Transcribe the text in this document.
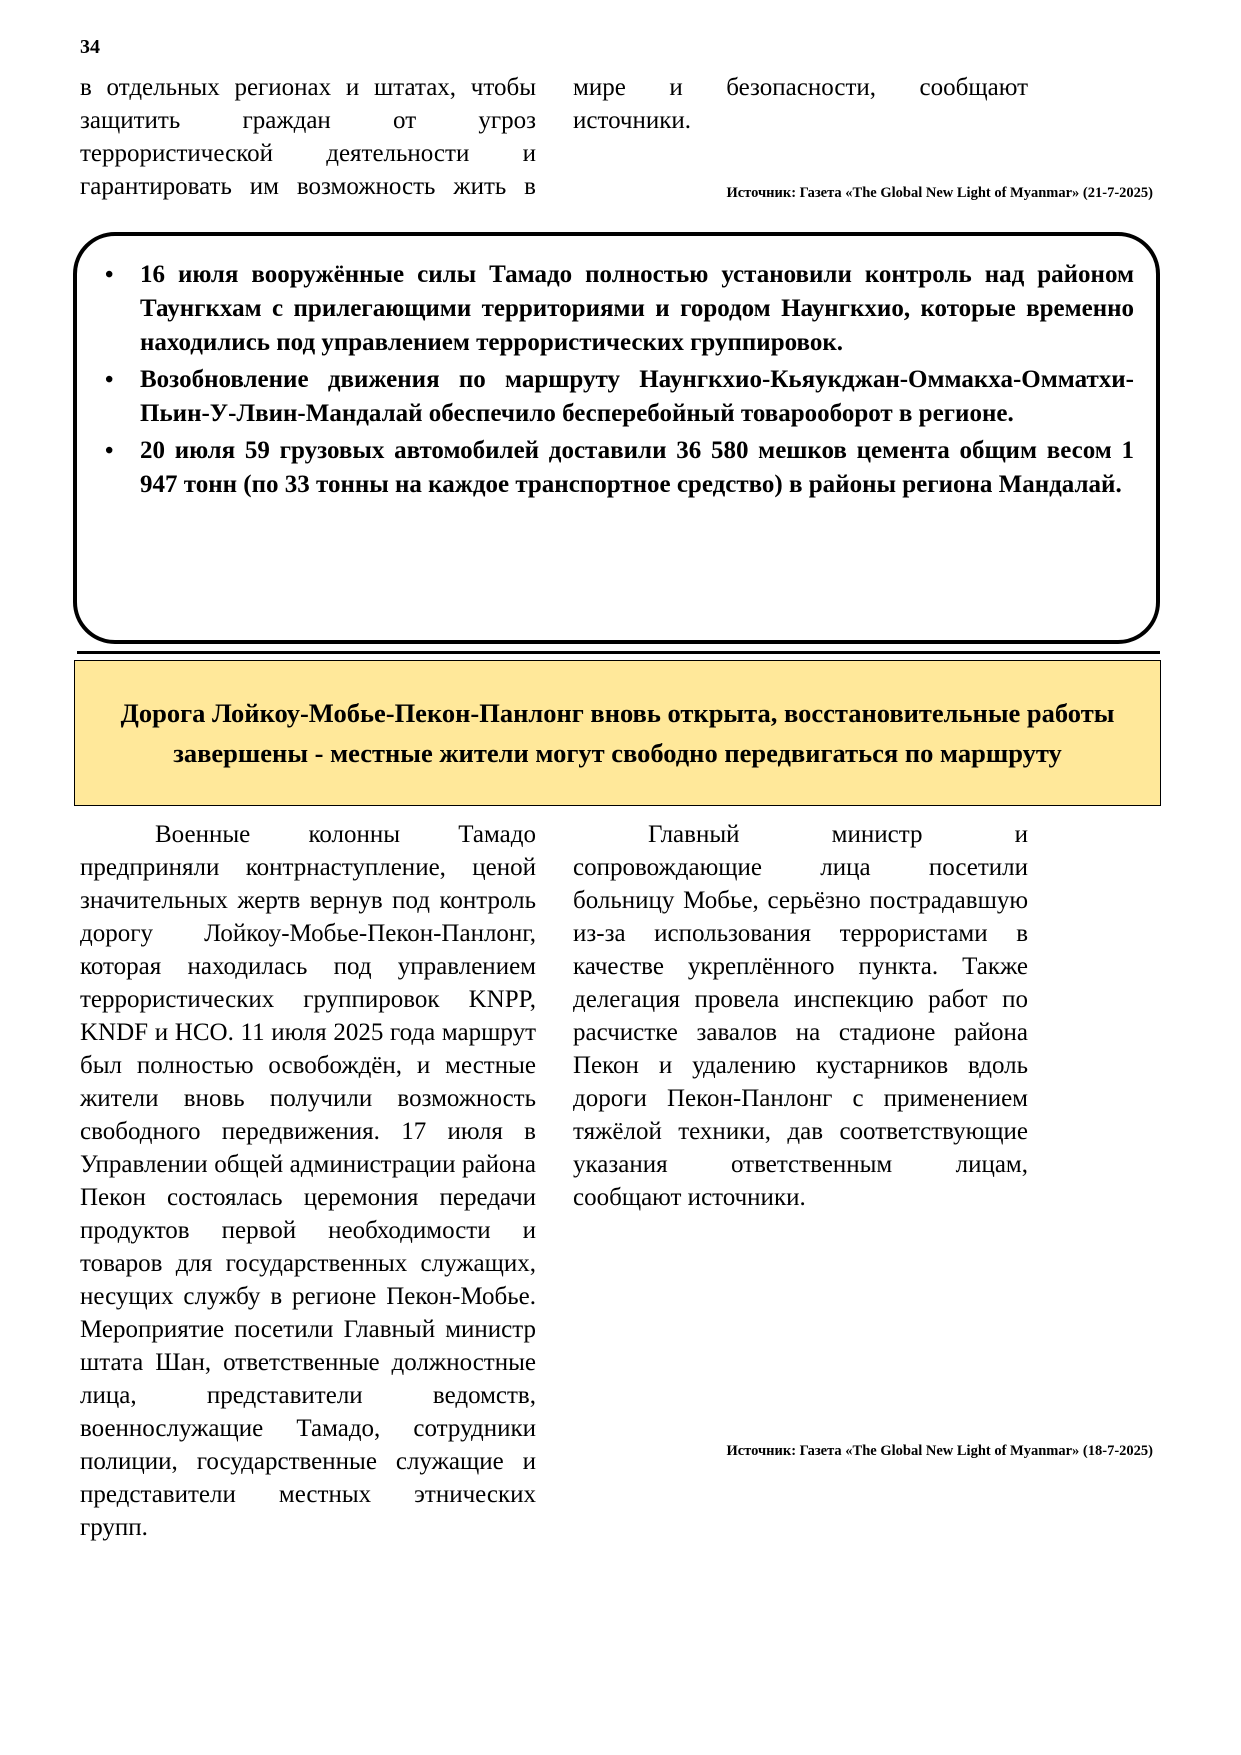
34

в отдельных регионах и штатах, чтобы защитить граждан от угроз террористической деятельности и гарантировать им возможность жить в

мире и безопасности, сообщают источники.

Источник: Газета «The Global New Light of Myanmar» (21-7-2025)
• 16 июля вооружённые силы Тамадо полностью установили контроль над районом Таунгкхам с прилегающими территориями и городом Наунгкхио, которые временно находились под управлением террористических группировок.
• Возобновление движения по маршруту Наунгкхио-Кьяукджан-Оммакха-Омматхи-Пьин-У-Лвин-Мандалай обеспечило бесперебойный товарооборот в регионе.
• 20 июля 59 грузовых автомобилей доставили 36 580 мешков цемента общим весом 1 947 тонн (по 33 тонны на каждое транспортное средство) в районы региона Мандалай.
Дорога Лойкоу-Мобье-Пекон-Панлонг вновь открыта, восстановительные работы завершены - местные жители могут свободно передвигаться по маршруту

Военные колонны Тамадо предприняли контрнаступление, ценой значительных жертв вернув под контроль дорогу Лойкоу-Мобье-Пекон-Панлонг, которая находилась под управлением террористических группировок KNPP, KNDF и НСО. 11 июля 2025 года маршрут был полностью освобождён, и местные жители вновь получили возможность свободного передвижения. 17 июля в Управлении общей администрации района Пекон состоялась церемония передачи продуктов первой необходимости и товаров для государственных служащих, несущих службу в регионе Пекон-Мобье. Мероприятие посетили Главный министр штата Шан, ответственные должностные лица, представители ведомств, военнослужащие Тамадо, сотрудники полиции, государственные служащие и представители местных этнических групп.

Главный министр и сопровождающие лица посетили больницу Мобье, серьёзно пострадавшую из-за использования террористами в качестве укреплённого пункта. Также делегация провела инспекцию работ по расчистке завалов на стадионе района Пекон и удалению кустарников вдоль дороги Пекон-Панлонг с применением тяжёлой техники, дав соответствующие указания ответственным лицам, сообщают источники.

Источник: Газета «The Global New Light of Myanmar» (18-7-2025)
